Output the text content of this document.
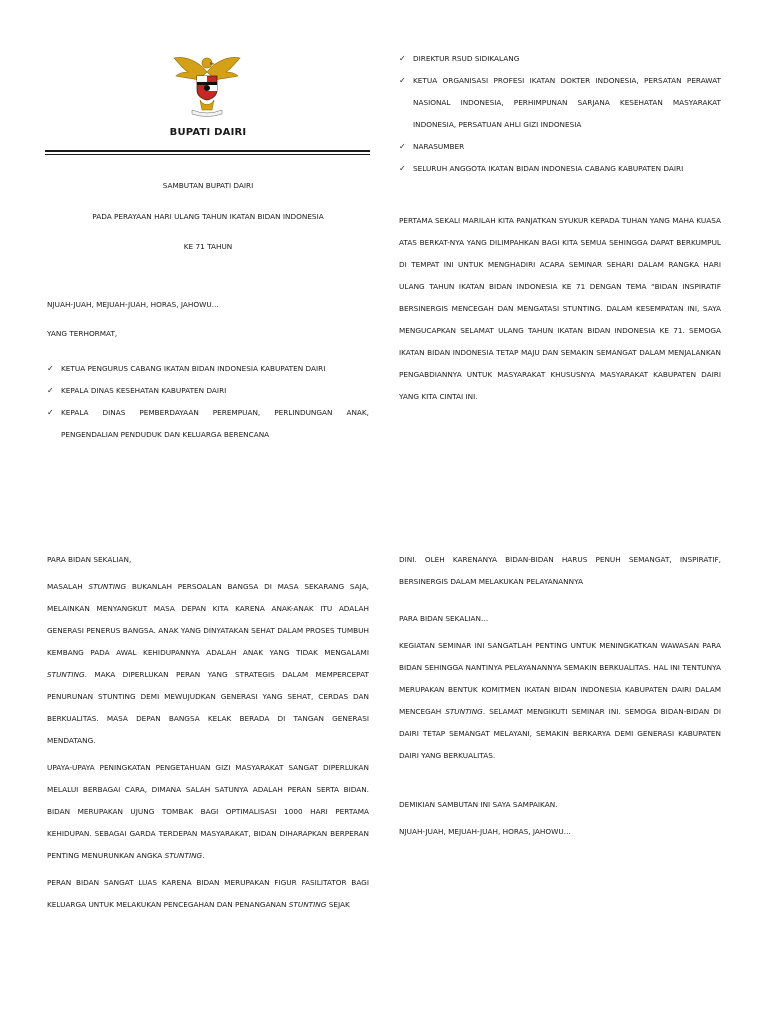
BUPATI DAIRI

SAMBUTAN BUPATI DAIRI

PADA PERAYAAN HARI ULANG TAHUN IKATAN BIDAN INDONESIA

KE 71 TAHUN

NJUAH-JUAH, MEJUAH-JUAH, HORAS, JAHOWU…

YANG TERHORMAT,

✓ KETUA PENGURUS CABANG IKATAN BIDAN INDONESIA KABUPATEN DAIRI
✓ KEPALA DINAS KESEHATAN KABUPATEN DAIRI
✓ KEPALA DINAS PEMBERDAYAAN PEREMPUAN, PERLINDUNGAN ANAK, PENGENDALIAN PENDUDUK DAN KELUARGA BERENCANA
✓ DIREKTUR RSUD SIDIKALANG
✓ KETUA ORGANISASI PROFESI IKATAN DOKTER INDONESIA, PERSATAN PERAWAT NASIONAL INDONESIA, PERHIMPUNAN SARJANA KESEHATAN MASYARAKAT INDONESIA, PERSATUAN AHLI GIZI INDONESIA
✓ NARASUMBER
✓ SELURUH ANGGOTA IKATAN BIDAN INDONESIA CABANG KABUPATEN DAIRI

PERTAMA SEKALI MARILAH KITA PANJATKAN SYUKUR KEPADA TUHAN YANG MAHA KUASA ATAS BERKAT-NYA YANG DILIMPAHKAN BAGI KITA SEMUA SEHINGGA DAPAT BERKUMPUL DI TEMPAT INI UNTUK MENGHADIRI ACARA SEMINAR SEHARI DALAM RANGKA HARI ULANG TAHUN IKATAN BIDAN INDONESIA KE 71 DENGAN TEMA “BIDAN INSPIRATIF BERSINERGIS MENCEGAH DAN MENGATASI STUNTING. DALAM KESEMPATAN INI, SAYA MENGUCAPKAN SELAMAT ULANG TAHUN IKATAN BIDAN INDONESIA KE 71. SEMOGA IKATAN BIDAN INDONESIA TETAP MAJU DAN SEMAKIN SEMANGAT DALAM MENJALANKAN PENGABDIANNYA UNTUK MASYARAKAT KHUSUSNYA MASYARAKAT KABUPATEN DAIRI YANG KITA CINTAI INI.

PARA BIDAN SEKALIAN,

MASALAH STUNTING BUKANLAH PERSOALAN BANGSA DI MASA SEKARANG SAJA, MELAINKAN MENYANGKUT MASA DEPAN KITA KARENA ANAK-ANAK ITU ADALAH GENERASI PENERUS BANGSA. ANAK YANG DINYATAKAN SEHAT DALAM PROSES TUMBUH KEMBANG PADA AWAL KEHIDUPANNYA ADALAH ANAK YANG TIDAK MENGALAMI STUNTING. MAKA DIPERLUKAN PERAN YANG STRATEGIS DALAM MEMPERCEPAT PENURUNAN STUNTING DEMI MEWUJUDKAN GENERASI YANG SEHAT, CERDAS DAN BERKUALITAS. MASA DEPAN BANGSA KELAK BERADA DI TANGAN GENERASI MENDATANG.

UPAYA-UPAYA PENINGKATAN PENGETAHUAN GIZI MASYARAKAT SANGAT DIPERLUKAN MELALUI BERBAGAI CARA, DIMANA SALAH SATUNYA ADALAH PERAN SERTA BIDAN. BIDAN MERUPAKAN UJUNG TOMBAK BAGI OPTIMALISASI 1000 HARI PERTAMA KEHIDUPAN. SEBAGAI GARDA TERDEPAN MASYARAKAT, BIDAN DIHARAPKAN BERPERAN PENTING MENURUNKAN ANGKA STUNTING.

PERAN BIDAN SANGAT LUAS KARENA BIDAN MERUPAKAN FIGUR FASILITATOR BAGI KELUARGA UNTUK MELAKUKAN PENCEGAHAN DAN PENANGANAN STUNTING SEJAK

DINI. OLEH KARENANYA BIDAN-BIDAN HARUS PENUH SEMANGAT, INSPIRATIF, BERSINERGIS DALAM MELAKUKAN PELAYANANNYA

PARA BIDAN SEKALIAN…

KEGIATAN SEMINAR INI SANGATLAH PENTING UNTUK MENINGKATKAN WAWASAN PARA BIDAN SEHINGGA NANTINYA PELAYANANNYA SEMAKIN BERKUALITAS. HAL INI TENTUNYA MERUPAKAN BENTUK KOMITMEN IKATAN BIDAN INDONESIA KABUPATEN DAIRI DALAM MENCEGAH STUNTING. SELAMAT MENGIKUTI SEMINAR INI. SEMOGA BIDAN-BIDAN DI DAIRI TETAP SEMANGAT MELAYANI, SEMAKIN BERKARYA DEMI GENERASI KABUPATEN DAIRI YANG BERKUALITAS.

DEMIKIAN SAMBUTAN INI SAYA SAMPAIKAN.

NJUAH-JUAH, MEJUAH-JUAH, HORAS, JAHOWU…
